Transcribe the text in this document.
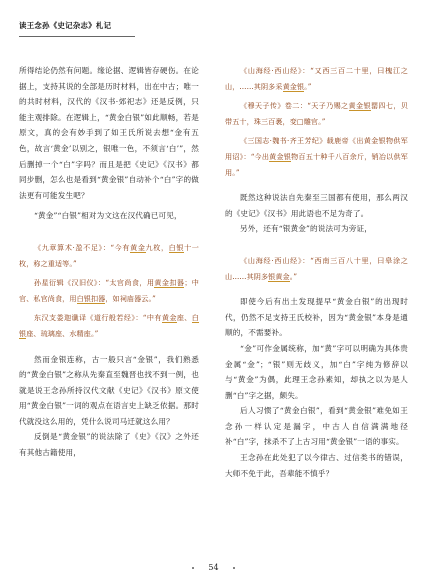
读王念孙《史记杂志》札记

所得结论仍然有问题。缘论据、逻辑皆存硬伤。在论据上，支持其说的全部是历时材料，出在中古；唯一的共时材料，汉代的《汉书·郊祀志》还是反例，只能主观排除。在逻辑上，“黄金白银”如此顺畅，若是原文，真的会有妙手到了如王氏所说去想“金有五色，故言‘黄金’以别之，银唯一色，不须言‘白’”，然后删掉一个“白”字吗？而且是把《史记》《汉书》都同步删，怎么也是看到“黄金银”自动补个“白”字的做法更有可能发生吧？

“黄金”“白银”相对为文这在汉代确已可见，

《九章算术·盈不足》：“今有黄金九枚，白银十一枚，称之重适等。”

孙星衍辑《汉旧仪》：“太官尚食，用黄金扣器；中官、私官尚食，用白银扣器，如祠庙器云。”

东汉支娄迦谶译《道行般若经》：“中有黄金座、白银座、琉璃座、水精座。”

然而金银连称，古一般只言“金银”，我们熟悉的“黄金白银”之称从先秦直至魏晋也找不到一例，也就是说王念孙所持汉代文献《史记》《汉书》原文使用“黄金白银”一词的观点在语言史上缺乏依据。那时代就没这么用的，凭什么说司马迁就这么用？

反倒是“黄金银”的说法除了《史》《汉》之外还有其他古籍使用，

《山海经·西山经》：“又西三百二十里，曰槐江之山，……其阴多采黄金银。”

《穆天子传》卷二：“天子乃赐之黄金银罂四七，贝带五十，珠三百裹，变□雕官。”

《三国志·魏书·齐王芳纪》载鹿帝《出黄金银物供军用诏》：“今出黄金银物百五十种千八百余斤，销冶以供军用。”

既然这种说法自先秦至三国都有使用，那么两汉的《史记》《汉书》用此语也不足为奇了。

另外，还有“银黄金”的说法可为旁证，

《山海经·西山经》：“西南三百八十里，曰皋涂之山……其阴多银黄金。”

即使今后有出土发现提早“黄金白银”的出现时代，仍然不足支持王氏校补，因为“黄金银”本身是通顺的，不需要补。

“金”可作金属统称，加“黄”字可以明确为具体贵金属“金”；“银”则无歧义，加“白”字纯为修辞以与“黄金”为偶，此理王念孙素知，却执之以为是人删“白”字之据，颇失。

后人习惯了“黄金白银”，看到“黄金银”难免如王念孙一样认定是漏字，中古人自信满满地径补“白”字，抹杀不了上古习用“黄金银”一语的事实。

王念孙在此处犯了以今律古、过信类书的错误，大师不免于此，吾辈能不慎乎？

54
